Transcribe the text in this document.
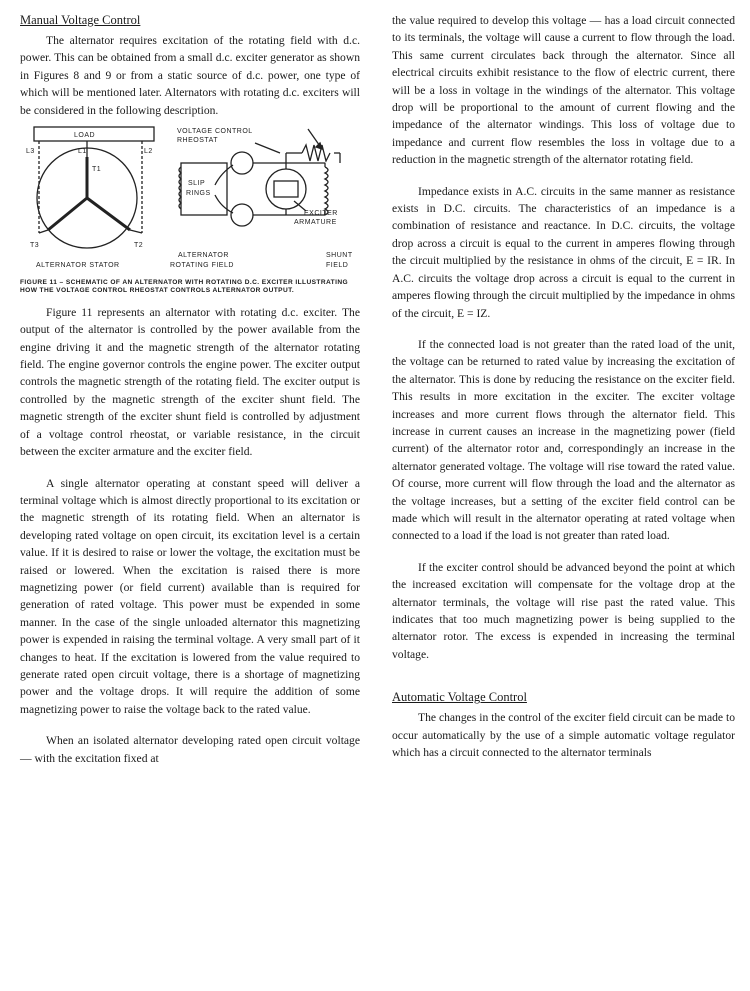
Manual Voltage Control

The alternator requires excitation of the rotating field with d.c. power. This can be obtained from a small d.c. exciter generator as shown in Figures 8 and 9 or from a static source of d.c. power, one type of which will be mentioned later. Alternators with rotating d.c. exciters will be considered in the following description.

LOAD
L3	L1	L2
T1
T3	T2
ALTERNATOR STATOR
VOLTAGE CONTROL
RHEOSTAT
SLIP
RINGS
EXCITER
ARMATURE
ALTERNATOR
ROTATING FIELD
SHUNT
FIELD
FIGURE 11 – SCHEMATIC OF AN ALTERNATOR WITH ROTATING D.C. EXCITER ILLUSTRATING HOW THE VOLTAGE CONTROL RHEOSTAT CONTROLS ALTERNATOR OUTPUT.

Figure 11 represents an alternator with rotating d.c. exciter. The output of the alternator is controlled by the power available from the engine driving it and the magnetic strength of the alternator rotating field. The engine governor controls the engine power. The exciter output controls the magnetic strength of the rotating field. The exciter output is controlled by the magnetic strength of the exciter shunt field. The magnetic strength of the exciter shunt field is controlled by adjustment of a voltage control rheostat, or variable resistance, in the circuit between the exciter armature and the exciter field.

A single alternator operating at constant speed will deliver a terminal voltage which is almost directly proportional to its excitation or the magnetic strength of its rotating field. When an alternator is developing rated voltage on open circuit, its excitation level is a certain value. If it is desired to raise or lower the voltage, the excitation must be raised or lowered. When the excitation is raised there is more magnetizing power (or field current) available than is required for generation of rated voltage. This power must be expended in some manner. In the case of the single unloaded alternator this magnetizing power is expended in raising the terminal voltage. A very small part of it changes to heat. If the excitation is lowered from the value required to generate rated open circuit voltage, there is a shortage of magnetizing power and the voltage drops. It will require the addition of some magnetizing power to raise the voltage back to the rated value.

When an isolated alternator developing rated open circuit voltage — with the excitation fixed at

the value required to develop this voltage — has a load circuit connected to its terminals, the voltage will cause a current to flow through the load. This same current circulates back through the alternator. Since all electrical circuits exhibit resistance to the flow of electric current, there will be a loss in voltage in the windings of the alternator. This voltage drop will be proportional to the amount of current flowing and the impedance of the alternator windings. This loss of voltage due to impedance and current flow resembles the loss in voltage due to a reduction in the magnetic strength of the alternator rotating field.

Impedance exists in A.C. circuits in the same manner as resistance exists in D.C. circuits. The characteristics of an impedance is a combination of resistance and reactance. In D.C. circuits, the voltage drop across a circuit is equal to the current in amperes flowing through the circuit multiplied by the resistance in ohms of the circuit, E = IR. In A.C. circuits the voltage drop across a circuit is equal to the current in amperes flowing through the circuit multiplied by the impedance in ohms of the circuit, E = IZ.

If the connected load is not greater than the rated load of the unit, the voltage can be returned to rated value by increasing the excitation of the alternator. This is done by reducing the resistance on the exciter field. This results in more excitation in the exciter. The exciter voltage increases and more current flows through the alternator field. This increase in current causes an increase in the magnetizing power (field current) of the alternator rotor and, correspondingly an increase in the alternator generated voltage. The voltage will rise toward the rated value. Of course, more current will flow through the load and the alternator as the voltage increases, but a setting of the exciter field control can be made which will result in the alternator operating at rated voltage when connected to a load if the load is not greater than rated load.

If the exciter control should be advanced beyond the point at which the increased excitation will compensate for the voltage drop at the alternator terminals, the voltage will rise past the rated value. This indicates that too much magnetizing power is being supplied to the alternator rotor. The excess is expended in increasing the terminal voltage.

Automatic Voltage Control

The changes in the control of the exciter field circuit can be made to occur automatically by the use of a simple automatic voltage regulator which has a circuit connected to the alternator terminals
